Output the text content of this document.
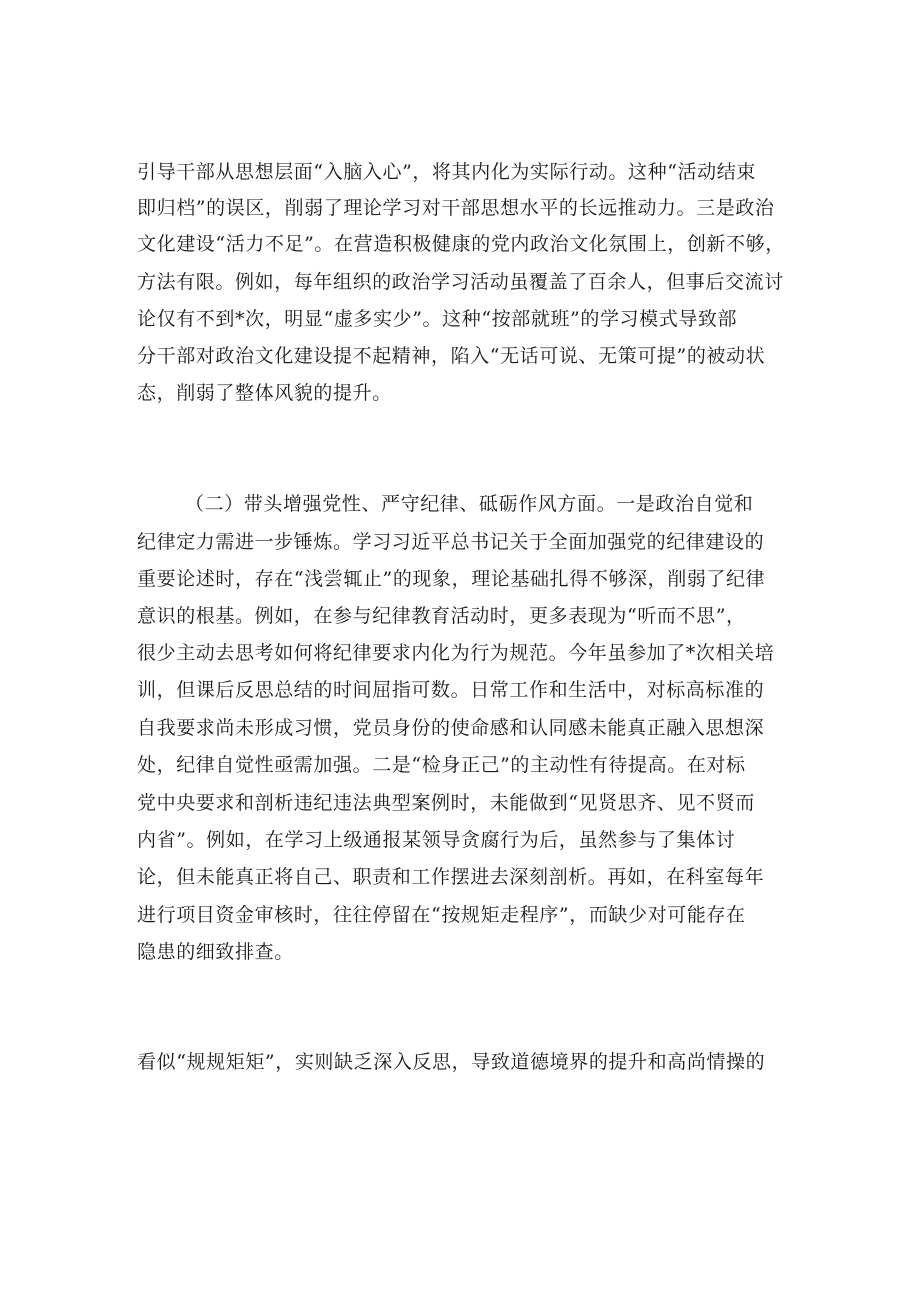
引导干部从思想层面“入脑入心”，将其内化为实际行动。这种“活动结束
即归档”的误区，削弱了理论学习对干部思想水平的长远推动力。三是政治
文化建设“活力不足”。在营造积极健康的党内政治文化氛围上，创新不够，
方法有限。例如，每年组织的政治学习活动虽覆盖了百余人，但事后交流讨
论仅有不到*次，明显“虚多实少”。这种“按部就班”的学习模式导致部
分干部对政治文化建设提不起精神，陷入“无话可说、无策可提”的被动状
态，削弱了整体风貌的提升。
（二）带头增强党性、严守纪律、砥砺作风方面。一是政治自觉和
纪律定力需进一步锤炼。学习习近平总书记关于全面加强党的纪律建设的
重要论述时，存在“浅尝辄止”的现象，理论基础扎得不够深，削弱了纪律
意识的根基。例如，在参与纪律教育活动时，更多表现为“听而不思”，
很少主动去思考如何将纪律要求内化为行为规范。今年虽参加了*次相关培
训，但课后反思总结的时间屈指可数。日常工作和生活中，对标高标准的
自我要求尚未形成习惯，党员身份的使命感和认同感未能真正融入思想深
处，纪律自觉性亟需加强。二是“检身正己”的主动性有待提高。在对标
党中央要求和剖析违纪违法典型案例时，未能做到“见贤思齐、见不贤而
内省”。例如，在学习上级通报某领导贪腐行为后，虽然参与了集体讨
论，但未能真正将自己、职责和工作摆进去深刻剖析。再如，在科室每年
进行项目资金审核时，往往停留在“按规矩走程序”，而缺少对可能存在
隐患的细致排查。
看似“规规矩矩”，实则缺乏深入反思，导致道德境界的提升和高尚情操的
